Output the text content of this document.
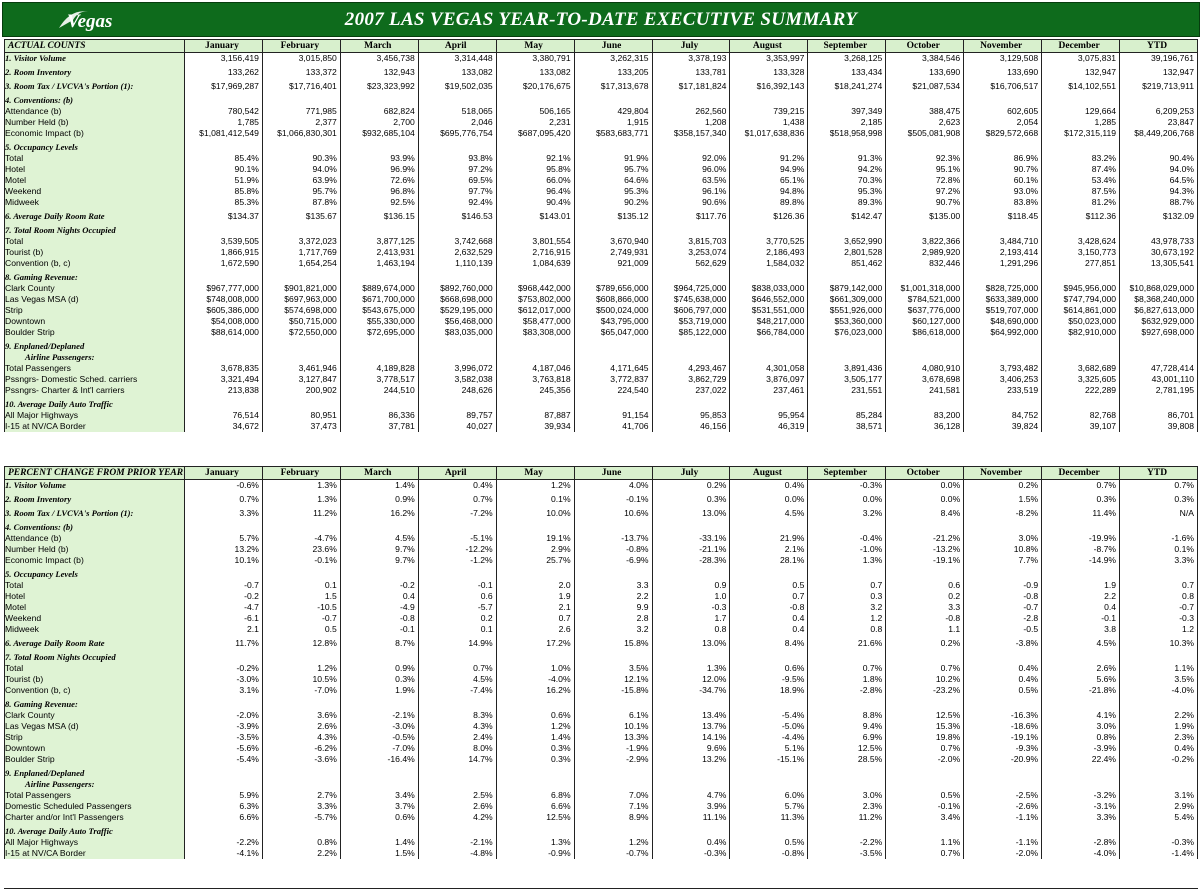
Vegas	2007 LAS VEGAS YEAR-TO-DATE EXECUTIVE SUMMARY
ACTUAL COUNTS	January	February	March	April	May	June	July	August	September	October	November	December	YTD
1. Visitor Volume	3,156,419	3,015,850	3,456,738	3,314,448	3,380,791	3,262,315	3,378,193	3,353,997	3,268,125	3,384,546	3,129,508	3,075,831	39,196,761

2. Room Inventory	133,262	133,372	132,943	133,082	133,082	133,205	133,781	133,328	133,434	133,690	133,690	132,947	132,947

3. Room Tax / LVCVA's Portion (1):	$17,969,287	$17,716,401	$23,323,992	$19,502,035	$20,176,675	$17,313,678	$17,181,824	$16,392,143	$18,241,274	$21,087,534	$16,706,517	$14,102,551	$219,713,911

4. Conventions: (b)													
Attendance (b)	780,542	771,985	682,824	518,065	506,165	429,804	262,560	739,215	397,349	388,475	602,605	129,664	6,209,253
Number Held (b)	1,785	2,377	2,700	2,046	2,231	1,915	1,208	1,438	2,185	2,623	2,054	1,285	23,847
Economic Impact (b)	$1,081,412,549	$1,066,830,301	$932,685,104	$695,776,754	$687,095,420	$583,683,771	$358,157,340	$1,017,638,836	$518,958,998	$505,081,908	$829,572,668	$172,315,119	$8,449,206,768

5. Occupancy Levels													
Total	85.4%	90.3%	93.9%	93.8%	92.1%	91.9%	92.0%	91.2%	91.3%	92.3%	86.9%	83.2%	90.4%
Hotel	90.1%	94.0%	96.9%	97.2%	95.8%	95.7%	96.0%	94.9%	94.2%	95.1%	90.7%	87.4%	94.0%
Motel	51.9%	63.9%	72.6%	69.5%	66.0%	64.6%	63.5%	65.1%	70.3%	72.8%	60.1%	53.4%	64.5%
Weekend	85.8%	95.7%	96.8%	97.7%	96.4%	95.3%	96.1%	94.8%	95.3%	97.2%	93.0%	87.5%	94.3%
Midweek	85.3%	87.8%	92.5%	92.4%	90.4%	90.2%	90.6%	89.8%	89.3%	90.7%	83.8%	81.2%	88.7%

6. Average Daily Room Rate	$134.37	$135.67	$136.15	$146.53	$143.01	$135.12	$117.76	$126.36	$142.47	$135.00	$118.45	$112.36	$132.09

7. Total Room Nights Occupied													
Total	3,539,505	3,372,023	3,877,125	3,742,668	3,801,554	3,670,940	3,815,703	3,770,525	3,652,990	3,822,366	3,484,710	3,428,624	43,978,733
Tourist (b)	1,866,915	1,717,769	2,413,931	2,632,529	2,716,915	2,749,931	3,253,074	2,186,493	2,801,528	2,989,920	2,193,414	3,150,773	30,673,192
Convention (b, c)	1,672,590	1,654,254	1,463,194	1,110,139	1,084,639	921,009	562,629	1,584,032	851,462	832,446	1,291,296	277,851	13,305,541

8. Gaming Revenue:													
Clark County	$967,777,000	$901,821,000	$889,674,000	$892,760,000	$968,442,000	$789,656,000	$964,725,000	$838,033,000	$879,142,000	$1,001,318,000	$828,725,000	$945,956,000	$10,868,029,000
Las Vegas MSA (d)	$748,008,000	$697,963,000	$671,700,000	$668,698,000	$753,802,000	$608,866,000	$745,638,000	$646,552,000	$661,309,000	$784,521,000	$633,389,000	$747,794,000	$8,368,240,000
Strip	$605,386,000	$574,698,000	$543,675,000	$529,195,000	$612,017,000	$500,024,000	$606,797,000	$531,551,000	$551,926,000	$637,776,000	$519,707,000	$614,861,000	$6,827,613,000
Downtown	$54,008,000	$50,715,000	$55,330,000	$56,468,000	$58,477,000	$43,795,000	$53,719,000	$48,217,000	$53,360,000	$60,127,000	$48,690,000	$50,023,000	$632,929,000
Boulder Strip	$88,614,000	$72,550,000	$72,695,000	$83,035,000	$83,308,000	$65,047,000	$85,122,000	$66,784,000	$76,023,000	$86,618,000	$64,992,000	$82,910,000	$927,698,000

9. Enplaned/Deplaned													
Airline Passengers:													
Total Passengers	3,678,835	3,461,946	4,189,828	3,996,072	4,187,046	4,171,645	4,293,467	4,301,058	3,891,436	4,080,910	3,793,482	3,682,689	47,728,414
Pssngrs- Domestic Sched. carriers	3,321,494	3,127,847	3,778,517	3,582,038	3,763,818	3,772,837	3,862,729	3,876,097	3,505,177	3,678,698	3,406,253	3,325,605	43,001,110
Pssngrs- Charter & Int'l carriers	213,838	200,902	244,510	248,626	245,356	224,540	237,022	237,461	231,551	241,581	233,519	222,289	2,781,195

10. Average Daily Auto Traffic													
All Major Highways	76,514	80,951	86,336	89,757	87,887	91,154	95,853	95,954	85,284	83,200	84,752	82,768	86,701
I-15 at NV/CA Border	34,672	37,473	37,781	40,027	39,934	41,706	46,156	46,319	38,571	36,128	39,824	39,107	39,808
PERCENT CHANGE FROM PRIOR YEAR	January	February	March	April	May	June	July	August	September	October	November	December	YTD
1. Visitor Volume	-0.6%	1.3%	1.4%	0.4%	1.2%	4.0%	0.2%	0.4%	-0.3%	0.0%	0.2%	0.7%	0.7%

2. Room Inventory	0.7%	1.3%	0.9%	0.7%	0.1%	-0.1%	0.3%	0.0%	0.0%	0.0%	1.5%	0.3%	0.3%

3. Room Tax / LVCVA's Portion (1):	3.3%	11.2%	16.2%	-7.2%	10.0%	10.6%	13.0%	4.5%	3.2%	8.4%	-8.2%	11.4%	N/A

4. Conventions: (b)													
Attendance (b)	5.7%	-4.7%	4.5%	-5.1%	19.1%	-13.7%	-33.1%	21.9%	-0.4%	-21.2%	3.0%	-19.9%	-1.6%
Number Held (b)	13.2%	23.6%	9.7%	-12.2%	2.9%	-0.8%	-21.1%	2.1%	-1.0%	-13.2%	10.8%	-8.7%	0.1%
Economic Impact (b)	10.1%	-0.1%	9.7%	-1.2%	25.7%	-6.9%	-28.3%	28.1%	1.3%	-19.1%	7.7%	-14.9%	3.3%

5. Occupancy Levels													
Total	-0.7	0.1	-0.2	-0.1	2.0	3.3	0.9	0.5	0.7	0.6	-0.9	1.9	0.7
Hotel	-0.2	1.5	0.4	0.6	1.9	2.2	1.0	0.7	0.3	0.2	-0.8	2.2	0.8
Motel	-4.7	-10.5	-4.9	-5.7	2.1	9.9	-0.3	-0.8	3.2	3.3	-0.7	0.4	-0.7
Weekend	-6.1	-0.7	-0.8	0.2	0.7	2.8	1.7	0.4	1.2	-0.8	-2.8	-0.1	-0.3
Midweek	2.1	0.5	-0.1	0.1	2.6	3.2	0.8	0.4	0.8	1.1	-0.5	3.8	1.2

6. Average Daily Room Rate	11.7%	12.8%	8.7%	14.9%	17.2%	15.8%	13.0%	8.4%	21.6%	0.2%	-3.8%	4.5%	10.3%

7. Total Room Nights Occupied													
Total	-0.2%	1.2%	0.9%	0.7%	1.0%	3.5%	1.3%	0.6%	0.7%	0.7%	0.4%	2.6%	1.1%
Tourist (b)	-3.0%	10.5%	0.3%	4.5%	-4.0%	12.1%	12.0%	-9.5%	1.8%	10.2%	0.4%	5.6%	3.5%
Convention (b, c)	3.1%	-7.0%	1.9%	-7.4%	16.2%	-15.8%	-34.7%	18.9%	-2.8%	-23.2%	0.5%	-21.8%	-4.0%

8. Gaming Revenue:													
Clark County	-2.0%	3.6%	-2.1%	8.3%	0.6%	6.1%	13.4%	-5.4%	8.8%	12.5%	-16.3%	4.1%	2.2%
Las Vegas MSA (d)	-3.9%	2.6%	-3.0%	4.3%	1.2%	10.1%	13.7%	-5.0%	9.4%	15.3%	-18.6%	3.0%	1.9%
Strip	-3.5%	4.3%	-0.5%	2.4%	1.4%	13.3%	14.1%	-4.4%	6.9%	19.8%	-19.1%	0.8%	2.3%
Downtown	-5.6%	-6.2%	-7.0%	8.0%	0.3%	-1.9%	9.6%	5.1%	12.5%	0.7%	-9.3%	-3.9%	0.4%
Boulder Strip	-5.4%	-3.6%	-16.4%	14.7%	0.3%	-2.9%	13.2%	-15.1%	28.5%	-2.0%	-20.9%	22.4%	-0.2%

9. Enplaned/Deplaned													
Airline Passengers:													
Total Passengers	5.9%	2.7%	3.4%	2.5%	6.8%	7.0%	4.7%	6.0%	3.0%	0.5%	-2.5%	-3.2%	3.1%
Domestic Scheduled Passengers	6.3%	3.3%	3.7%	2.6%	6.6%	7.1%	3.9%	5.7%	2.3%	-0.1%	-2.6%	-3.1%	2.9%
Charter and/or Int'l Passengers	6.6%	-5.7%	0.6%	4.2%	12.5%	8.9%	11.1%	11.3%	11.2%	3.4%	-1.1%	3.3%	5.4%

10. Average Daily Auto Traffic													
All Major Highways	-2.2%	0.8%	1.4%	-2.1%	1.3%	1.2%	0.4%	0.5%	-2.2%	1.1%	-1.1%	-2.8%	-0.3%
I-15 at NV/CA Border	-4.1%	2.2%	1.5%	-4.8%	-0.9%	-0.7%	-0.3%	-0.8%	-3.5%	0.7%	-2.0%	-4.0%	-1.4%
